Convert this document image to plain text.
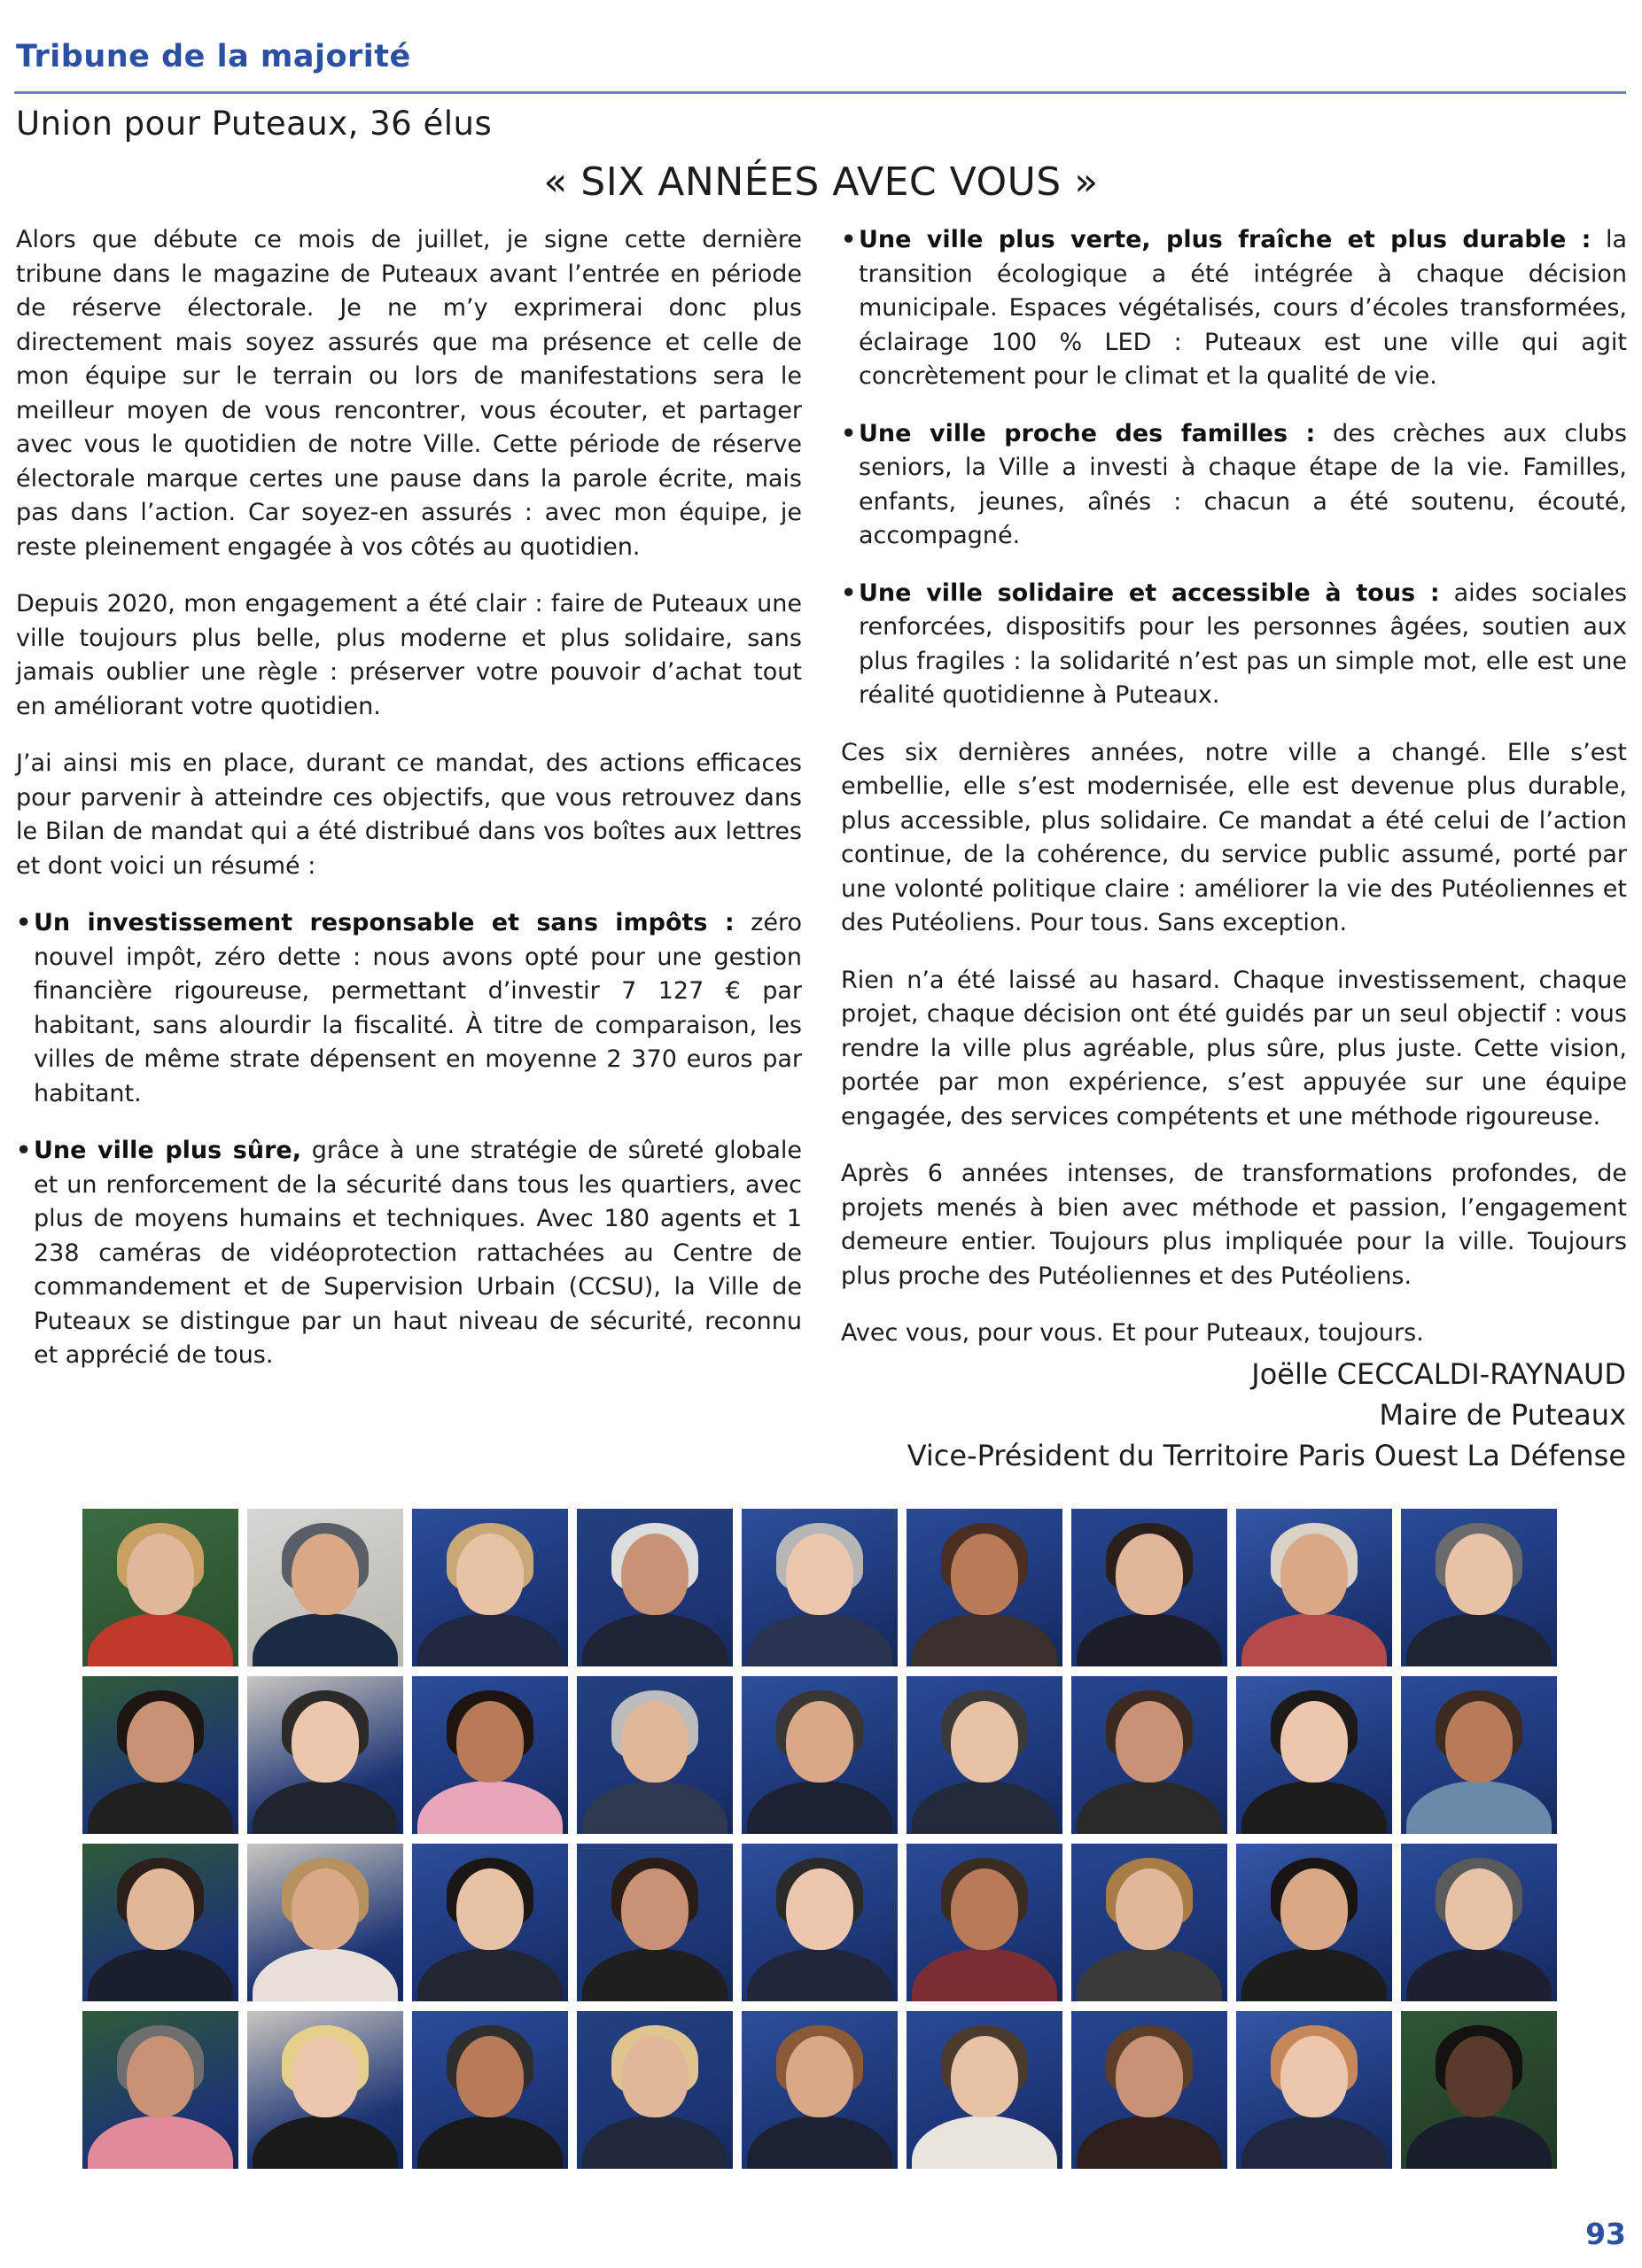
Tribune de la majorité
Union pour Puteaux, 36 élus
« SIX ANNÉES AVEC VOUS »

Alors que débute ce mois de juillet, je signe cette dernière tribune dans le magazine de Puteaux avant l’entrée en période de réserve électorale. Je ne m’y exprimerai donc plus directement mais soyez assurés que ma présence et celle de mon équipe sur le terrain ou lors de manifestations sera le meilleur moyen de vous rencontrer, vous écouter, et partager avec vous le quotidien de notre Ville. Cette période de réserve électorale marque certes une pause dans la parole écrite, mais pas dans l’action. Car soyez-en assurés : avec mon équipe, je reste pleinement engagée à vos côtés au quotidien.

Depuis 2020, mon engagement a été clair : faire de Puteaux une ville toujours plus belle, plus moderne et plus solidaire, sans jamais oublier une règle : préserver votre pouvoir d’achat tout en améliorant votre quotidien.

J’ai ainsi mis en place, durant ce mandat, des actions efficaces pour parvenir à atteindre ces objectifs, que vous retrouvez dans le Bilan de mandat qui a été distribué dans vos boîtes aux lettres et dont voici un résumé :

• Un investissement responsable et sans impôts : zéro nouvel impôt, zéro dette : nous avons opté pour une gestion financière rigoureuse, permettant d’investir 7 127 € par habitant, sans alourdir la fiscalité. À titre de comparaison, les villes de même strate dépensent en moyenne 2 370 euros par habitant.
• Une ville plus sûre, grâce à une stratégie de sûreté globale et un renforcement de la sécurité dans tous les quartiers, avec plus de moyens humains et techniques. Avec 180 agents et 1 238 caméras de vidéoprotection rattachées au Centre de commandement et de Supervision Urbain (CCSU), la Ville de Puteaux se distingue par un haut niveau de sécurité, reconnu et apprécié de tous.
• Une ville plus verte, plus fraîche et plus durable : la transition écologique a été intégrée à chaque décision municipale. Espaces végétalisés, cours d’écoles transformées, éclairage 100 % LED : Puteaux est une ville qui agit concrètement pour le climat et la qualité de vie.
• Une ville proche des familles : des crèches aux clubs seniors, la Ville a investi à chaque étape de la vie. Familles, enfants, jeunes, aînés : chacun a été soutenu, écouté, accompagné.
• Une ville solidaire et accessible à tous : aides sociales renforcées, dispositifs pour les personnes âgées, soutien aux plus fragiles : la solidarité n’est pas un simple mot, elle est une réalité quotidienne à Puteaux.

Ces six dernières années, notre ville a changé. Elle s’est embellie, elle s’est modernisée, elle est devenue plus durable, plus accessible, plus solidaire. Ce mandat a été celui de l’action continue, de la cohérence, du service public assumé, porté par une volonté politique claire : améliorer la vie des Putéoliennes et des Putéoliens. Pour tous. Sans exception.

Rien n’a été laissé au hasard. Chaque investissement, chaque projet, chaque décision ont été guidés par un seul objectif : vous rendre la ville plus agréable, plus sûre, plus juste. Cette vision, portée par mon expérience, s’est appuyée sur une équipe engagée, des services compétents et une méthode rigoureuse.

Après 6 années intenses, de transformations profondes, de projets menés à bien avec méthode et passion, l’engagement demeure entier. Toujours plus impliquée pour la ville. Toujours plus proche des Putéoliennes et des Putéoliens.

Avec vous, pour vous. Et pour Puteaux, toujours.

Joëlle CECCALDI-RAYNAUD
Maire de Puteaux
Vice-Président du Territoire Paris Ouest La Défense
93
